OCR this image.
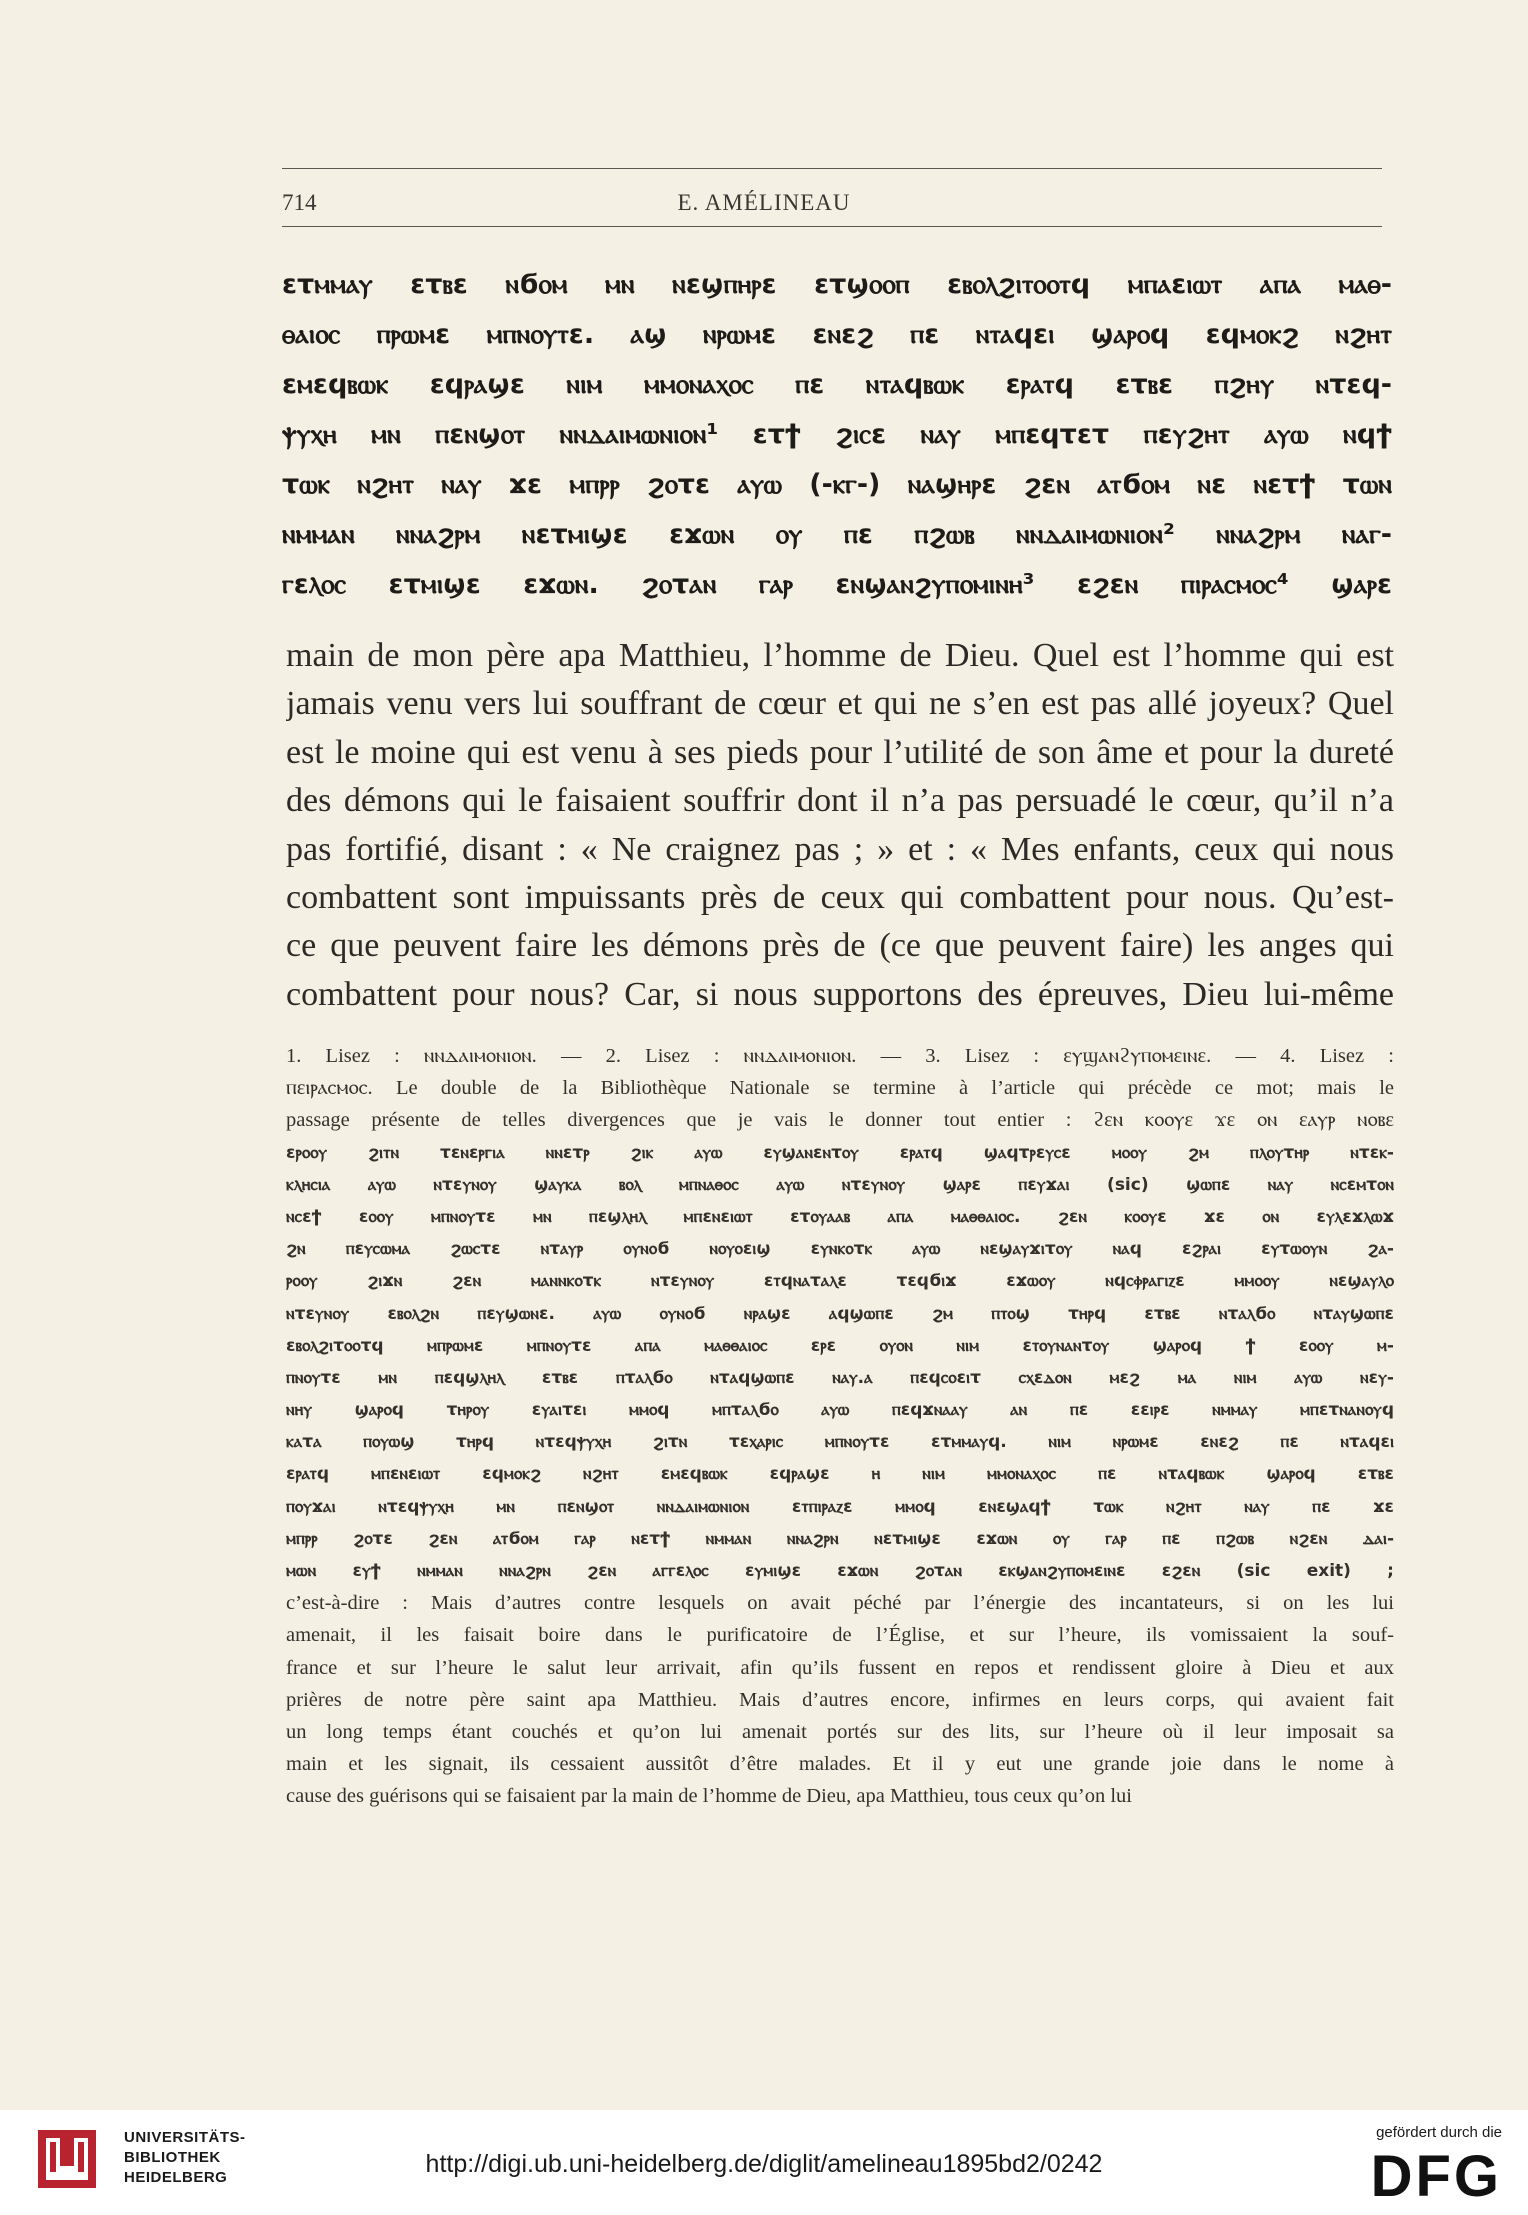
714	E. AMÉLINEAU
ετⲙⲙⲁⲩ ετⲃε ⲛϭⲟⲙ ⲙⲛ ⲛεϣⲡⲏⲣε ετϣⲟⲟⲡ εⲃⲟⲗϩⲓⲧⲟⲟⲧϥ ⲙⲡⲁεⲓⲱⲧ ⲁⲡⲁ ⲙⲁⲑ-
ⲑⲁⲓⲟⲥ ⲡⲣⲱⲙε ⲙⲡⲛⲟⲩⲧε. ⲁϣ ⲛⲣⲱⲙε εⲛεϩ ⲡε ⲛⲧⲁϥεⲓ ϣⲁⲣⲟϥ εϥⲙⲟⲕϩ ⲛϩⲏⲧ
εⲙεϥⲃⲱⲕ εϥⲣⲁϣε ⲛⲓⲙ ⲙⲙⲟⲛⲁⲭⲟⲥ ⲡε ⲛⲧⲁϥⲃⲱⲕ εⲣⲁⲧϥ ετⲃε ⲡϩⲏⲩ ⲛτεϥ-
ⲯⲩⲭⲏ ⲙⲛ ⲡεⲛϣⲟⲧ ⲛⲛⲇⲁⲓⲙⲱⲛⲓⲟⲛ¹ ετϯ ϩⲓⲥε ⲛⲁⲩ ⲙⲡεϥτετ ⲡεⲩϩⲏⲧ ⲁⲩⲱ ⲛϥϯ
τⲱⲕ ⲛϩⲏⲧ ⲛⲁⲩ ϫε ⲙⲡⲣⲣ ϩⲟτε ⲁⲩⲱ (-ⲕⲅ-) ⲛⲁϣⲏⲣε ϩεⲛ ⲁⲧϭⲟⲙ ⲛε ⲛετϯ τⲱⲛ
ⲛⲙⲙⲁⲛ ⲛⲛⲁϩⲣⲙ ⲛετⲙⲓϣε εϫⲱⲛ ⲟⲩ ⲡε ⲡϩⲱⲃ ⲛⲛⲇⲁⲓⲙⲱⲛⲓⲟⲛ² ⲛⲛⲁϩⲣⲙ ⲛⲁⲅ-
ⲅεⲗⲟⲥ ετⲙⲓϣε εϫⲱⲛ. ϩⲟτⲁⲛ ⲅⲁⲣ εⲛϣⲁⲛϩⲩⲡⲟⲙⲓⲛⲏ³ εϩεⲛ ⲡⲓⲣⲁⲥⲙⲟⲥ⁴ ϣⲁⲣε
main de mon père apa Matthieu, l’homme de Dieu. Quel est l’homme qui est
jamais venu vers lui souffrant de cœur et qui ne s’en est pas allé joyeux? Quel
est le moine qui est venu à ses pieds pour l’utilité de son âme et pour la dureté
des démons qui le faisaient souffrir dont il n’a pas persuadé le cœur, qu’il n’a
pas fortifié, disant : « Ne craignez pas ; » et : « Mes enfants, ceux qui nous
combattent sont impuissants près de ceux qui combattent pour nous. Qu’est-
ce que peuvent faire les démons près de (ce que peuvent faire) les anges qui
combattent pour nous? Car, si nous supportons des épreuves, Dieu lui-même
1. Lisez : ⲛⲛⲇⲁⲓⲙⲟⲛⲓⲟⲛ. — 2. Lisez : ⲛⲛⲇⲁⲓⲙⲟⲛⲓⲟⲛ. — 3. Lisez : εⲩϣⲁⲛϩⲩⲡⲟⲙεⲓⲛε. — 4. Lisez :
ⲡεⲓⲣⲁⲥⲙⲟⲥ. Le double de la Bibliothèque Nationale se termine à l’article qui précède ce mot; mais le
passage présente de telles divergences que je vais le donner tout entier : ϩεⲛ ⲕⲟⲟⲩε ϫε ⲟⲛ εⲁⲩⲣ ⲛⲟⲃε
εⲣⲟⲟⲩ ϩⲓⲧⲛ τεⲛεⲣⲅⲓⲁ ⲛⲛετⲣ ϩⲓⲕ ⲁⲩⲱ εⲩϣⲁⲛεⲛτⲟⲩ εⲣⲁⲧϥ ϣⲁϥτⲣεⲩⲥε ⲙⲟⲟⲩ ϩⲙ ⲡⲗⲟⲩτⲏⲣ ⲛτεⲕ-
ⲕⲗⲏⲥⲓⲁ ⲁⲩⲱ ⲛτεⲩⲛⲟⲩ ϣⲁⲩⲕⲁ ⲃⲟⲗ ⲙⲡⲛⲁⲑⲟⲥ ⲁⲩⲱ ⲛτεⲩⲛⲟⲩ ϣⲁⲣε ⲡεⲩϫⲁⲓ (sic) ϣⲱⲡε ⲛⲁⲩ ⲛⲥεⲙτⲟⲛ
ⲛⲥεϯ εⲟⲟⲩ ⲙⲡⲛⲟⲩτε ⲙⲛ ⲡεϣⲗⲏⲗ ⲙⲡεⲛεⲓⲱⲧ ετⲟⲩⲁⲁⲃ ⲁⲡⲁ ⲙⲁⲑⲑⲁⲓⲟⲥ. ϩεⲛ ⲕⲟⲟⲩε ϫε ⲟⲛ εⲩⲗεϫⲗⲱϫ
ϩⲛ ⲡεⲩⲥⲱⲙⲁ ϩⲱⲥτε ⲛτⲁⲩⲣ ⲟⲩⲛⲟϭ ⲛⲟⲩⲟεⲓϣ εⲩⲛⲕⲟτⲕ ⲁⲩⲱ ⲛεϣⲁⲩϫⲓτⲟⲩ ⲛⲁϥ εϩⲣⲁⲓ εⲩτⲱⲟⲩⲛ ϩⲁ-
ⲣⲟⲟⲩ ϩⲓϫⲛ ϩεⲛ ⲙⲁⲛⲛⲕⲟτⲕ ⲛτεⲩⲛⲟⲩ εⲧϥⲛⲁτⲁⲗε τεϥϭⲓϫ εϫⲱⲟⲩ ⲛϥⲥⲫⲣⲁⲅⲓⲍε ⲙⲙⲟⲟⲩ ⲛεϣⲁⲩⲗⲟ
ⲛτεⲩⲛⲟⲩ εⲃⲟⲗϩⲛ ⲡεⲩϣⲱⲛε. ⲁⲩⲱ ⲟⲩⲛⲟϭ ⲛⲣⲁϣε ⲁϥϣⲱⲡε ϩⲙ ⲡⲧⲟϣ τⲏⲣϥ ετⲃε ⲛτⲁⲗϭⲟ ⲛτⲁⲩϣⲱⲡε
εⲃⲟⲗϩⲓτⲟⲟτϥ ⲙⲡⲣⲱⲙε ⲙⲡⲛⲟⲩτε ⲁⲡⲁ ⲙⲁⲑⲑⲁⲓⲟⲥ εⲣε ⲟⲩⲟⲛ ⲛⲓⲙ εⲧⲟⲩⲛⲁⲛτⲟⲩ ϣⲁⲣⲟϥ ϯ εⲟⲟⲩ ⲙ-
ⲡⲛⲟⲩτε ⲙⲛ ⲡεϥϣⲗⲏⲗ ετⲃε ⲡτⲁⲗϭⲟ ⲛτⲁϥϣⲱⲡε ⲛⲁⲩ.ⲁ ⲡεϥⲥⲟεⲓτ ⲥⲭεⲇⲟⲛ ⲙεϩ ⲙⲁ ⲛⲓⲙ ⲁⲩⲱ ⲛεⲩ-
ⲛⲏⲩ ϣⲁⲣⲟϥ τⲏⲣⲟⲩ εⲩⲁⲓτεⲓ ⲙⲙⲟϥ ⲙⲡτⲁⲗϭⲟ ⲁⲩⲱ ⲡεϥϫⲛⲁⲁⲩ ⲁⲛ ⲡε εεⲓⲣε ⲛⲙⲙⲁⲩ ⲙⲡετⲛⲁⲛⲟⲩϥ
ⲕⲁτⲁ ⲡⲟⲩⲱϣ τⲏⲣϥ ⲛτεϥⲯⲩⲭⲏ ϩⲓτⲛ τεⲭⲁⲣⲓⲥ ⲙⲡⲛⲟⲩτε ετⲙⲙⲁⲩϥ. ⲛⲓⲙ ⲛⲣⲱⲙε εⲛεϩ ⲡε ⲛτⲁϥεⲓ
εⲣⲁⲧϥ ⲙⲡεⲛεⲓⲱⲧ εϥⲙⲟⲕϩ ⲛϩⲏⲧ εⲙεϥⲃⲱⲕ εϥⲣⲁϣε ⲏ ⲛⲓⲙ ⲙⲙⲟⲛⲁⲭⲟⲥ ⲡε ⲛτⲁϥⲃⲱⲕ ϣⲁⲣⲟϥ ετⲃε
ⲡⲟⲩϫⲁⲓ ⲛτεϥⲯⲩⲭⲏ ⲙⲛ ⲡεⲛϣⲟⲧ ⲛⲛⲇⲁⲓⲙⲱⲛⲓⲟⲛ εⲧⲡⲓⲣⲁⲍε ⲙⲙⲟϥ εⲛεϣⲁϥϯ τⲱⲕ ⲛϩⲏⲧ ⲛⲁⲩ ⲡε ϫε
ⲙⲡⲣⲣ ϩⲟτε ϩεⲛ ⲁⲧϭⲟⲙ ⲅⲁⲣ ⲛετϯ ⲛⲙⲙⲁⲛ ⲛⲛⲁϩⲣⲛ ⲛετⲙⲓϣε εϫⲱⲛ ⲟⲩ ⲅⲁⲣ ⲡε ⲡϩⲱⲃ ⲛϩεⲛ ⲇⲁⲓ-
ⲙⲱⲛ εⲩϯ ⲛⲙⲙⲁⲛ ⲛⲛⲁϩⲣⲛ ϩεⲛ ⲁⲅⲅεⲗⲟⲥ εⲩⲙⲓϣε εϫⲱⲛ ϩⲟτⲁⲛ εⲕϣⲁⲛϩⲩⲡⲟⲙεⲓⲛε εϩεⲛ (sic exit) ;
c’est-à-dire : Mais d’autres contre lesquels on avait péché par l’énergie des incantateurs, si on les lui
amenait, il les faisait boire dans le purificatoire de l’Église, et sur l’heure, ils vomissaient la souf-
france et sur l’heure le salut leur arrivait, afin qu’ils fussent en repos et rendissent gloire à Dieu et aux
prières de notre père saint apa Matthieu. Mais d’autres encore, infirmes en leurs corps, qui avaient fait
un long temps étant couchés et qu’on lui amenait portés sur des lits, sur l’heure où il leur imposait sa
main et les signait, ils cessaient aussitôt d’être malades. Et il y eut une grande joie dans le nome à
cause des guérisons qui se faisaient par la main de l’homme de Dieu, apa Matthieu, tous ceux qu’on lui
UNIVERSITÄTS-
BIBLIOTHEK
HEIDELBERG	http://digi.ub.uni-heidelberg.de/diglit/amelineau1895bd2/0242
gefördert durch die
DFG
